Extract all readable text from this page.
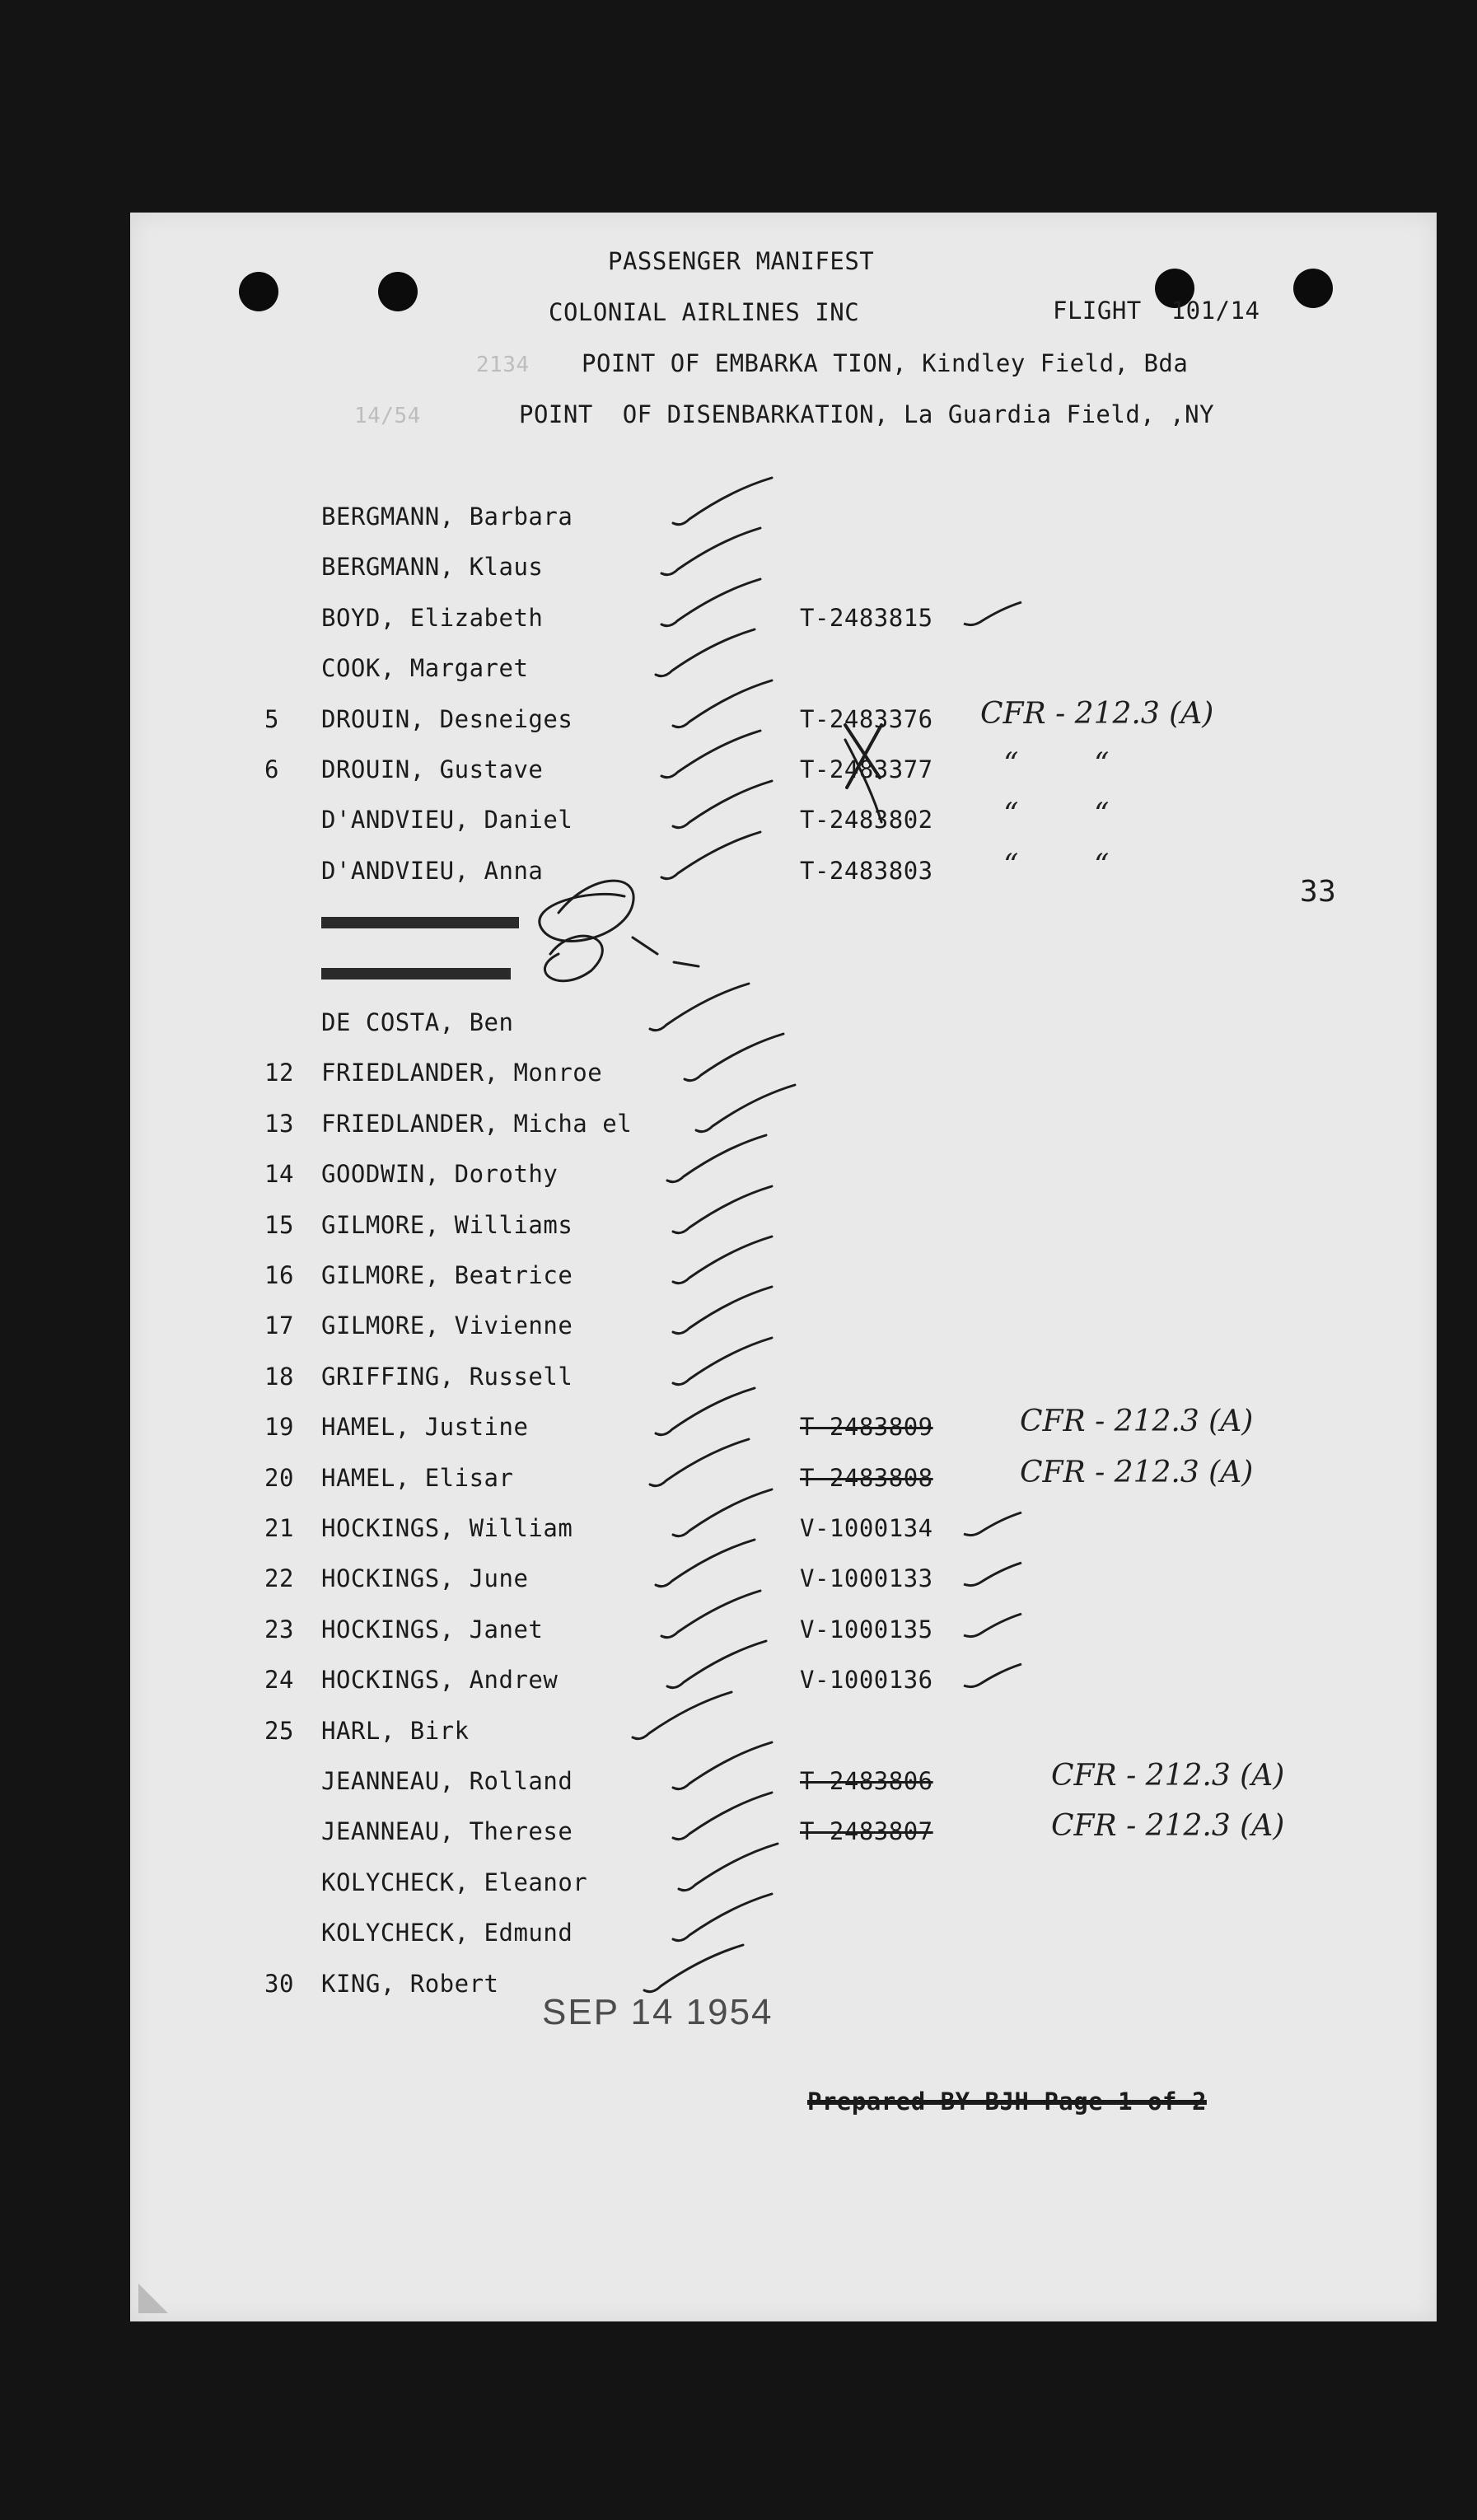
PASSENGER MANIFEST
COLONIAL AIRLINES INC	FLIGHT  101/14
2134 POINT OF EMBARKA TION, Kindley Field, Bda
14/54	POINT  OF DISENBARKATION, La Guardia Field, ,NY
BERGMANN, Barbara
BERGMANN, Klaus
BOYD, Elizabeth	T-2483815
COOK, Margaret
5 DROUIN, Desneiges	T-2483376 CFR - 212.3 (A)
6 DROUIN, Gustave	T-2483377 “        “
D'ANDVIEU, Daniel	T-2483802 “        “
D'ANDVIEU, Anna	T-2483803 “        “
DE COSTA, Ben
12 FRIEDLANDER, Monroe
13 FRIEDLANDER, Micha el
14 GOODWIN, Dorothy
15 GILMORE, Williams
16 GILMORE, Beatrice
17 GILMORE, Vivienne
18 GRIFFING, Russell
19 HAMEL, Justine	T-2483809	CFR - 212.3 (A)
20 HAMEL, Elisar	T-2483808	CFR - 212.3 (A)
21 HOCKINGS, William	V-1000134
22 HOCKINGS, June	V-1000133
23 HOCKINGS, Janet	V-1000135
24 HOCKINGS, Andrew	V-1000136
25 HARL, Birk
JEANNEAU, Rolland	T-2483806	CFR - 212.3 (A)
JEANNEAU, Therese	T-2483807	CFR - 212.3 (A)
KOLYCHECK, Eleanor
KOLYCHECK, Edmund
30 KING, Robert
33
SEP 14 1954
Prepared BY BJH Page 1 of 2
